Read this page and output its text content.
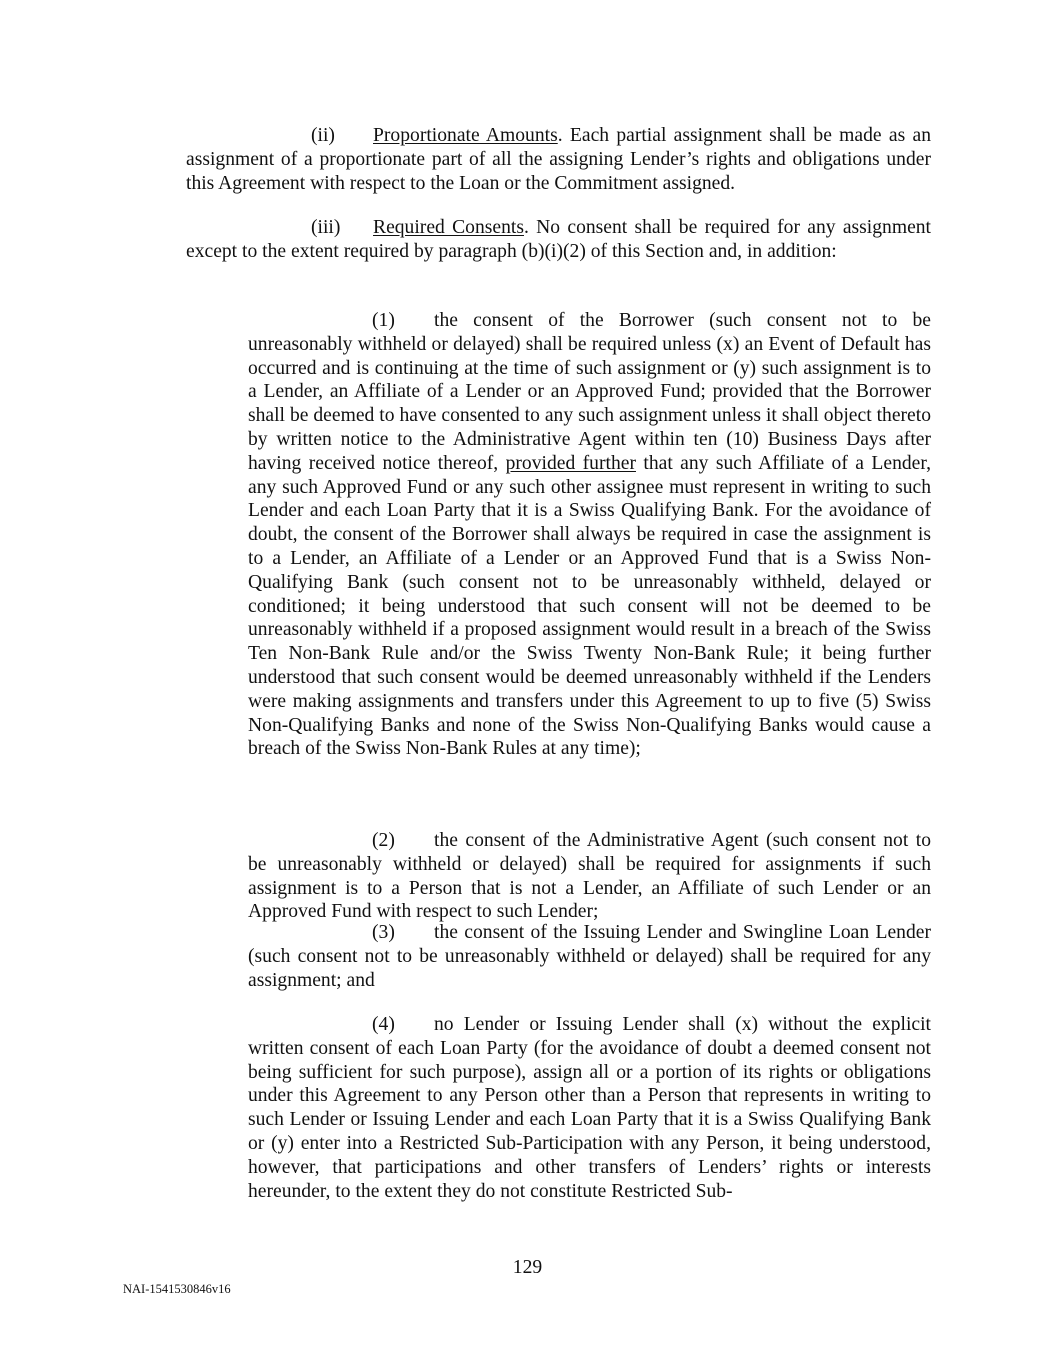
(ii) Proportionate Amounts. Each partial assignment shall be made as an assignment of a proportionate part of all the assigning Lender’s rights and obligations under this Agreement with respect to the Loan or the Commitment assigned.

(iii) Required Consents. No consent shall be required for any assignment except to the extent required by paragraph (b)(i)(2) of this Section and, in addition:

(1) the consent of the Borrower (such consent not to be unreasonably withheld or delayed) shall be required unless (x) an Event of Default has occurred and is continuing at the time of such assignment or (y) such assignment is to a Lender, an Affiliate of a Lender or an Approved Fund; provided that the Borrower shall be deemed to have consented to any such assignment unless it shall object thereto by written notice to the Administrative Agent within ten (10) Business Days after having received notice thereof, provided further that any such Affiliate of a Lender, any such Approved Fund or any such other assignee must represent in writing to such Lender and each Loan Party that it is a Swiss Qualifying Bank. For the avoidance of doubt, the consent of the Borrower shall always be required in case the assignment is to a Lender, an Affiliate of a Lender or an Approved Fund that is a Swiss Non-Qualifying Bank (such consent not to be unreasonably withheld, delayed or conditioned; it being understood that such consent will not be deemed to be unreasonably withheld if a proposed assignment would result in a breach of the Swiss Ten Non-Bank Rule and/or the Swiss Twenty Non-Bank Rule; it being further understood that such consent would be deemed unreasonably withheld if the Lenders were making assignments and transfers under this Agreement to up to five (5) Swiss Non-Qualifying Banks and none of the Swiss Non-Qualifying Banks would cause a breach of the Swiss Non-Bank Rules at any time);

(2) the consent of the Administrative Agent (such consent not to be unreasonably withheld or delayed) shall be required for assignments if such assignment is to a Person that is not a Lender, an Affiliate of such Lender or an Approved Fund with respect to such Lender;

(3) the consent of the Issuing Lender and Swingline Loan Lender (such consent not to be unreasonably withheld or delayed) shall be required for any assignment; and

(4) no Lender or Issuing Lender shall (x) without the explicit written consent of each Loan Party (for the avoidance of doubt a deemed consent not being sufficient for such purpose), assign all or a portion of its rights or obligations under this Agreement to any Person other than a Person that represents in writing to such Lender or Issuing Lender and each Loan Party that it is a Swiss Qualifying Bank or (y) enter into a Restricted Sub-Participation with any Person, it being understood, however, that participations and other transfers of Lenders’ rights or interests hereunder, to the extent they do not constitute Restricted Sub-

129
NAI-1541530846v16
